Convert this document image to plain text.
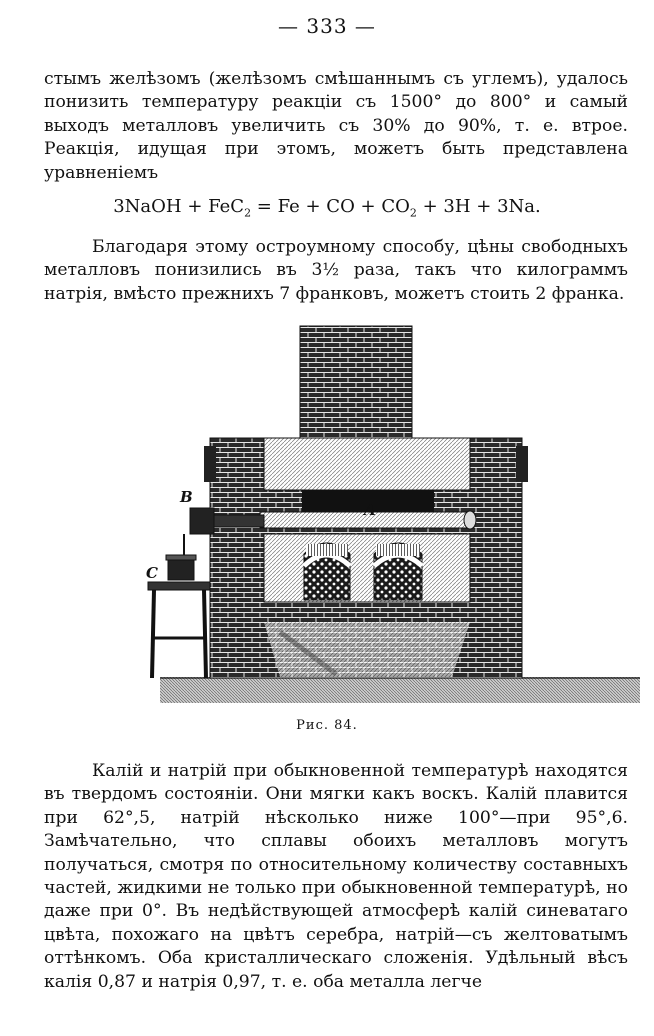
— 333 —

стымъ желѣзомъ (желѣзомъ смѣшаннымъ съ углемъ), удалось понизить температуру реакціи съ 1500° до 800° и самый выходъ металловъ увеличить съ 30% до 90%, т. е. втрое. Реакція, идущая при этомъ, можетъ быть представлена уравненіемъ

3NaOH + FeC$_2$ = Fe + CO + $CO_2 + 3H + 3Na$.

Благодаря этому остроумному способу, цѣны свободныхъ металловъ понизились въ 3½ раза, такъ что килограммъ натрія, вмѣсто прежнихъ 7 франковъ, можетъ стоить 2 франка.

A
B
C
Рис. 84.

Калій и натрій при обыкновенной температурѣ находятся въ твердомъ состояніи. Они мягки какъ воскъ. Калій плавится при 62°,5, натрій нѣсколько ниже 100°—при 95°,6. Замѣчательно, что сплавы обоихъ металловъ могутъ получаться, смотря по относительному количеству составныхъ частей, жидкими не только при обыкновенной температурѣ, но даже при 0°. Въ недѣйствующей атмосферѣ калій синеватаго цвѣта, похожаго на цвѣтъ серебра, натрій—съ желтоватымъ оттѣнкомъ. Оба кристаллическаго сложенія. Удѣльный вѣсъ калія 0,87 и натрія 0,97, т. е. оба металла легче
